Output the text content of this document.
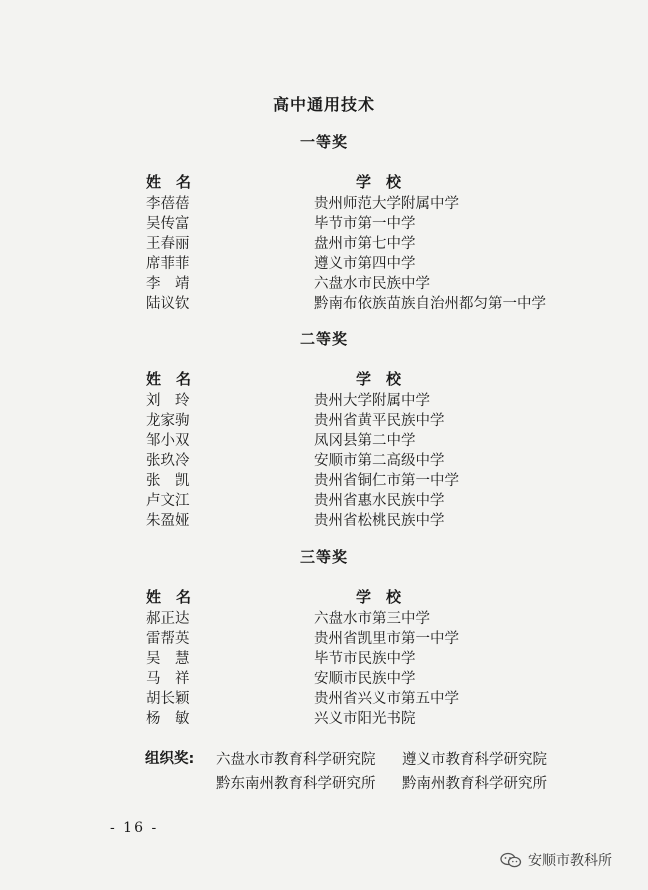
高中通用技术
一等奖
姓　名	学　校
李蓓蓓	贵州师范大学附属中学
吴传富	毕节市第一中学
王春丽	盘州市第七中学
席菲菲	遵义市第四中学
李　靖	六盘水市民族中学
陆议钦	黔南布依族苗族自治州都匀第一中学
二等奖
姓　名	学　校
刘　玲	贵州大学附属中学
龙家驹	贵州省黄平民族中学
邹小双	凤冈县第二中学
张玖冷	安顺市第二高级中学
张　凯	贵州省铜仁市第一中学
卢文江	贵州省惠水民族中学
朱盈娅	贵州省松桃民族中学
三等奖
姓　名	学　校
郝正达	六盘水市第三中学
雷帮英	贵州省凯里市第一中学
吴　慧	毕节市民族中学
马　祥	安顺市民族中学
胡长颖	贵州省兴义市第五中学
杨　敏	兴义市阳光书院
组织奖: 六盘水市教育科学研究院 遵义市教育科学研究院
黔东南州教育科学研究所 黔南州教育科学研究所
- 16 -
安顺市教科所
